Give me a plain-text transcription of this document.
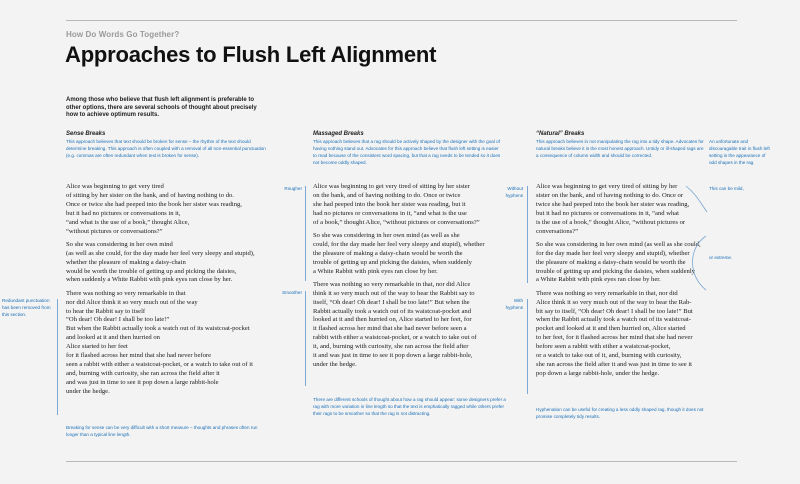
How Do Words Go Together?
Approaches to Flush Left Alignment
Among those who believe that flush left alignment is preferable to other options, there are several schools of thought about precisely how to achieve optimum results.
Sense Breaks
This approach believes that text should be broken for sense – the rhythm of the text should determine breaking. This approach is often coupled with a removal of all non-essential punctuation (e.g. commas are often redundant when text is broken for sense).
Alice was beginning to get very tired
of sitting by her sister on the bank, and of having nothing to do.
Once or twice she had peeped into the book her sister was reading,
but it had no pictures or conversations in it,
“and what is the use of a book,” thought Alice,
“without pictures or conversations?”
So she was considering in her own mind
(as well as she could, for the day made her feel very sleepy and stupid),
whether the pleasure of making a daisy-chain
would be worth the trouble of getting up and picking the daisies,
when suddenly a White Rabbit with pink eyes ran close by her.
There was nothing so very remarkable in that
nor did Alice think it so very much out of the way
to hear the Rabbit say to itself
“Oh dear! Oh dear! I shall be too late!”
But when the Rabbit actually took a watch out of its waistcoat-pocket
and looked at it and then hurried on
Alice started to her feet
for it flashed across her mind that she had never before
seen a rabbit with either a waistcoat-pocket, or a watch to take out of it
and, burning with curiosity, she ran across the field after it
and was just in time to see it pop down a large rabbit-hole
under the hedge.
Redundant punctuation has been removed from this section.
Breaking for sense can be very difficult with a short measure – thoughts and phrases often run longer than a typical line length.
Massaged Breaks
This approach believes that a rag should be actively shaped by the designer with the goal of having nothing stand out. Advocates for this approach believe that flush left setting is easier to read because of the consistent word spacing, but that a rag needs to be tended so it does not become oddly shaped.
Rougher
Smoother
Alice was beginning to get very tired of sitting by her sister
on the bank, and of having nothing to do. Once or twice
she had peeped into the book her sister was reading, but it
had no pictures or conversations in it, “and what is the use
of a book,” thought Alice, “without pictures or conversations?”
So she was considering in her own mind (as well as she
could, for the day made her feel very sleepy and stupid), whether
the pleasure of making a daisy-chain would be worth the
trouble of getting up and picking the daisies, when suddenly
a White Rabbit with pink eyes ran close by her.
There was nothing so very remarkable in that, nor did Alice
think it so very much out of the way to hear the Rabbit say to
itself, “Oh dear! Oh dear! I shall be too late!” But when the
Rabbit actually took a watch out of its waistcoat-pocket and
looked at it and then hurried on, Alice started to her feet, for
it flashed across her mind that she had never before seen a
rabbit with either a waistcoat-pocket, or a watch to take out of
it, and, burning with curiosity, she ran across the field after
it and was just in time to see it pop down a large rabbit-hole,
under the hedge.
There are different schools of thought about how a rag should appear: some designers prefer a rag with more variation in line length so that the text is emphatically ragged while others prefer their rags to be smoother so that the rag is not distracting.
“Natural” Breaks
This approach believes in not manipulating the rag into a tidy shape. Advocates for natural breaks believe it is the most honest approach. Untidy or ill-shaped rags are a consequence of column width and should be corrected.
Without hyphens
With hyphens
Alice was beginning to get very tired of sitting by her
sister on the bank, and of having nothing to do. Once or
twice she had peeped into the book her sister was reading,
but it had no pictures or conversations in it, “and what
is the use of a book,” thought Alice, “without pictures or
conversations?”
So she was considering in her own mind (as well as she could,
for the day made her feel very sleepy and stupid), whether
the pleasure of making a daisy-chain would be worth the
trouble of getting up and picking the daisies, when suddenly
a White Rabbit with pink eyes ran close by her.
There was nothing so very remarkable in that, nor did
Alice think it so very much out of the way to hear the Rab-
bit say to itself, “Oh dear! Oh dear! I shall be too late!” But
when the Rabbit actually took a watch out of its waistcoat-
pocket and looked at it and then hurried on, Alice started
to her feet, for it flashed across her mind that she had never
before seen a rabbit with either a waistcoat-pocket,
or a watch to take out of it, and, burning with curiosity,
she ran across the field after it and was just in time to see it
pop down a large rabbit-hole, under the hedge.
Hyphenation can be useful for creating a less oddly shaped rag, though it does not promise completely tidy results.
An unfortunate and discouragable trait in flush left setting is the appearance of odd shapes in the rag.
This can be mild,
or extreme.
